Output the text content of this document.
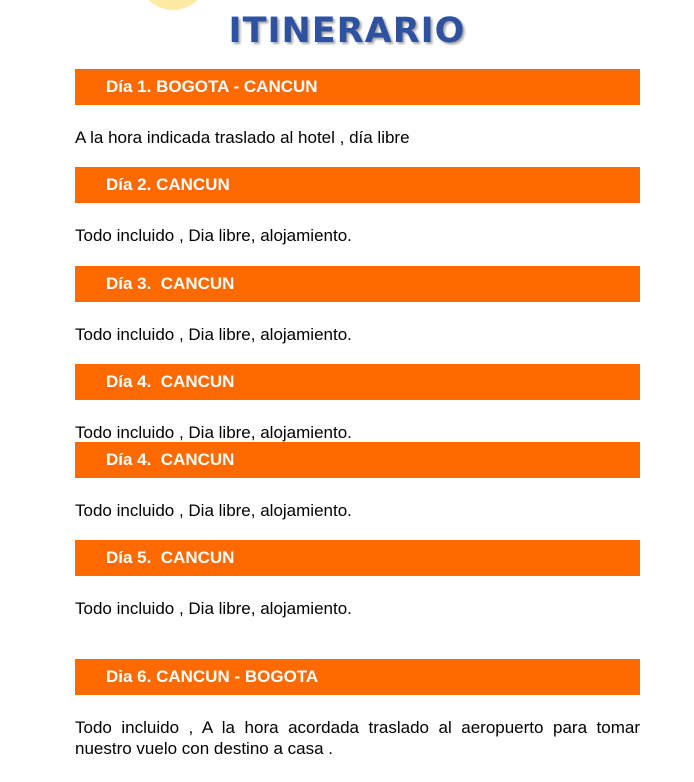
ITINERARIO
Día 1. BOGOTA - CANCUN
A la hora indicada traslado al hotel , día libre
Día 2. CANCUN
Todo incluido , Dia libre, alojamiento.
Día 3.  CANCUN
Todo incluido , Dia libre, alojamiento.
Día 4.  CANCUN
Todo incluido , Dia libre, alojamiento.
Día 4.  CANCUN
Todo incluido , Dia libre, alojamiento.
Día 5.  CANCUN
Todo incluido , Dia libre, alojamiento.
Dia 6. CANCUN - BOGOTA
Todo incluido , A la hora acordada traslado al aeropuerto para tomar nuestro vuelo con destino a casa .
